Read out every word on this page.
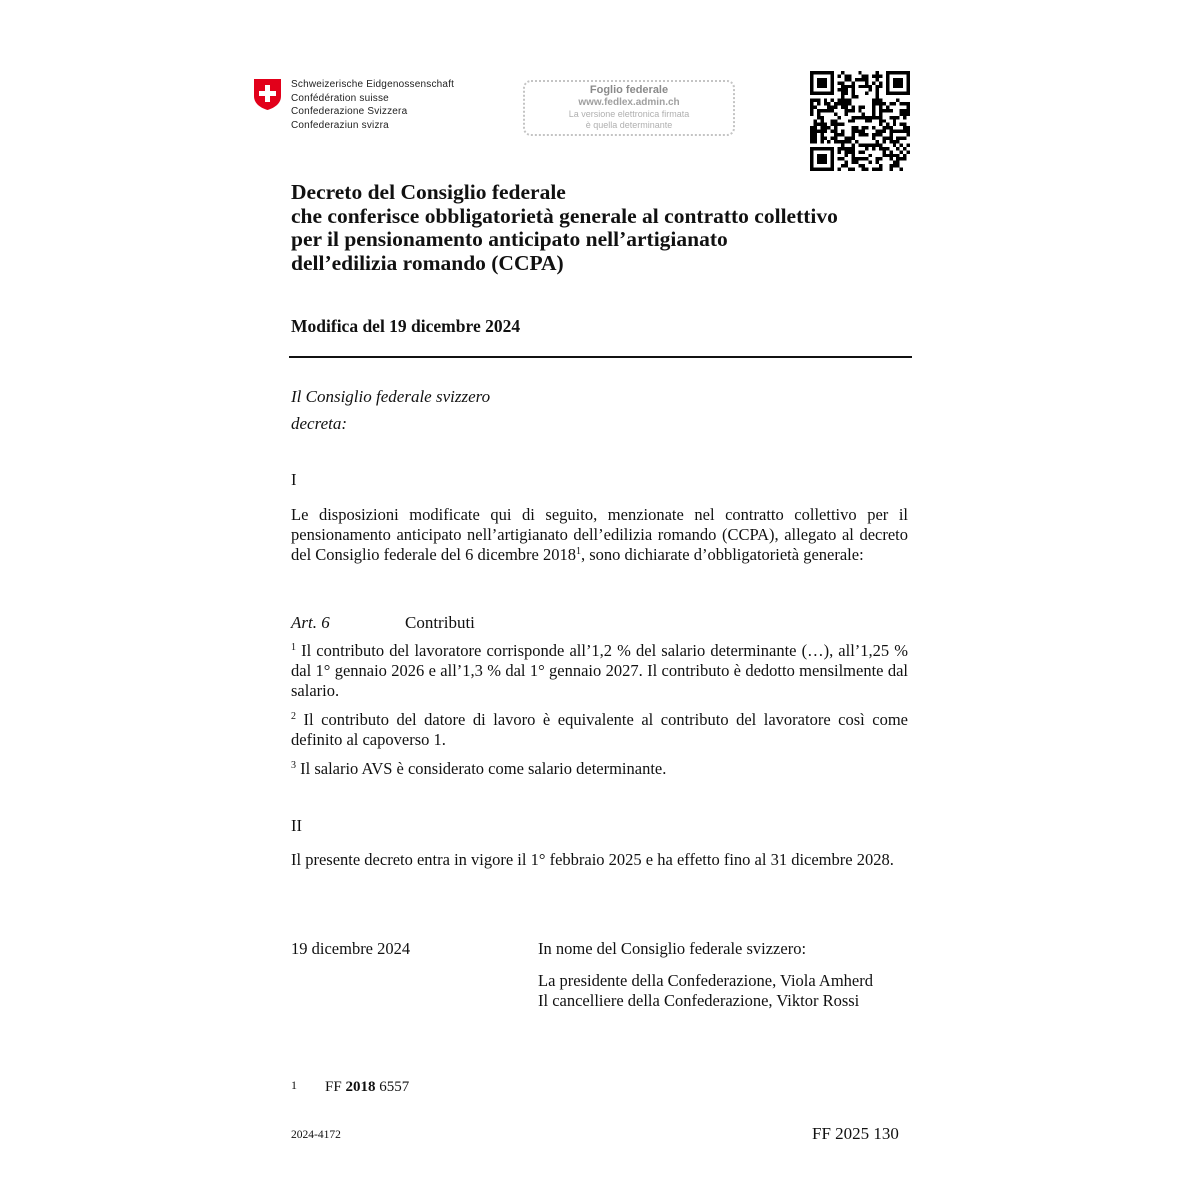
Schweizerische Eidgenossenschaft
Confédération suisse
Confederazione Svizzera
Confederaziun svizra
Foglio federale
www.fedlex.admin.ch
La versione elettronica firmata
è quella determinante
Decreto del Consiglio federale
che conferisce obbligatorietà generale al contratto collettivo
per il pensionamento anticipato nell’artigianato
dell’edilizia romando (CCPA)
Modifica del 19 dicembre 2024
Il Consiglio federale svizzero
decreta:
I
Le disposizioni modificate qui di seguito, menzionate nel contratto collettivo per il pensionamento anticipato nell’artigianato dell’edilizia romando (CCPA), allegato al decreto del Consiglio federale del 6 dicembre 2018$^1$, sono dichiarate d’obbligatorietà generale:
Art. 6	Contributi
$^1$ Il contributo del lavoratore corrisponde all’1,2 % del salario determinante (…), all’1,25 % dal 1° gennaio 2026 e all’1,3 % dal 1° gennaio 2027. Il contributo è dedotto mensilmente dal salario.
$^2$ Il contributo del datore di lavoro è equivalente al contributo del lavoratore così come definito al capoverso 1.
$^3$ Il salario AVS è considerato come salario determinante.
II
Il presente decreto entra in vigore il 1° febbraio 2025 e ha effetto fino al 31 dicembre 2028.
19 dicembre 2024	In nome del Consiglio federale svizzero:
La presidente della Confederazione, Viola Amherd
Il cancelliere della Confederazione, Viktor Rossi
1 FF 2018 6557
2024-4172	FF 2025 130
